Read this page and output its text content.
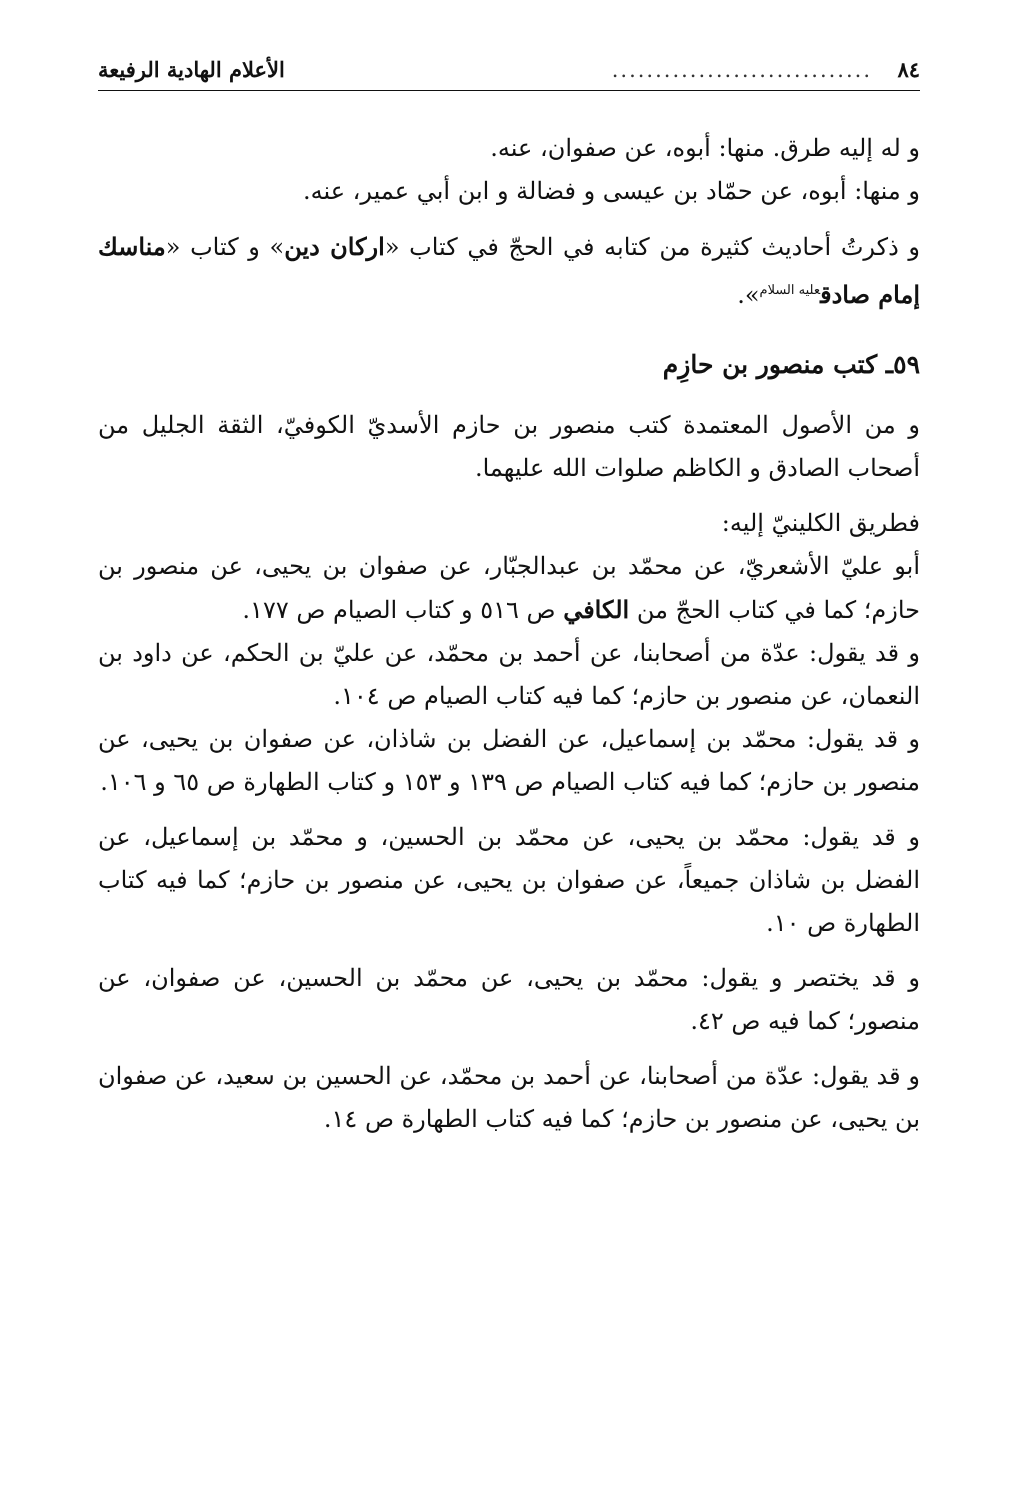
٨٤
..............................
الأعلام الهادية الرفيعة

و له إليه طرق. منها: أبوه، عن صفوان، عنه.

و منها: أبوه، عن حمّاد بن عيسى و فضالة و ابن أبي عمير، عنه.

و ذكرتُ أحاديث كثيرة من كتابه في الحجّ في كتاب «اركان دين» و كتاب «مناسك إمام صادق$^{عليه السلام}$».

٥٩ـ كتب منصور بن حازِم

و من الأصول المعتمدة كتب منصور بن حازم الأسديّ الكوفيّ، الثقة الجليل من أصحاب الصادق و الكاظم صلوات الله عليهما.

فطريق الكلينيّ إليه:

أبو عليّ الأشعريّ، عن محمّد بن عبدالجبّار، عن صفوان بن يحيى، عن منصور بن حازم؛ كما في كتاب الحجّ من الكافي ص ٥١٦ و كتاب الصيام ص ١٧٧.

و قد يقول: عدّة من أصحابنا، عن أحمد بن محمّد، عن عليّ بن الحكم، عن داود بن النعمان، عن منصور بن حازم؛ كما فيه كتاب الصيام ص ١٠٤.

و قد يقول: محمّد بن إسماعيل، عن الفضل بن شاذان، عن صفوان بن يحيى، عن منصور بن حازم؛ كما فيه كتاب الصيام ص ١٣٩ و ١٥٣ و كتاب الطهارة ص ٦٥ و ١٠٦.

و قد يقول: محمّد بن يحيى، عن محمّد بن الحسين، و محمّد بن إسماعيل، عن الفضل بن شاذان جميعاً، عن صفوان بن يحيى، عن منصور بن حازم؛ كما فيه كتاب الطهارة ص ١٠.

و قد يختصر و يقول: محمّد بن يحيى، عن محمّد بن الحسين، عن صفوان، عن منصور؛ كما فيه ص ٤٢.

و قد يقول: عدّة من أصحابنا، عن أحمد بن محمّد، عن الحسين بن سعيد، عن صفوان بن يحيى، عن منصور بن حازم؛ كما فيه كتاب الطهارة ص ١٤.
